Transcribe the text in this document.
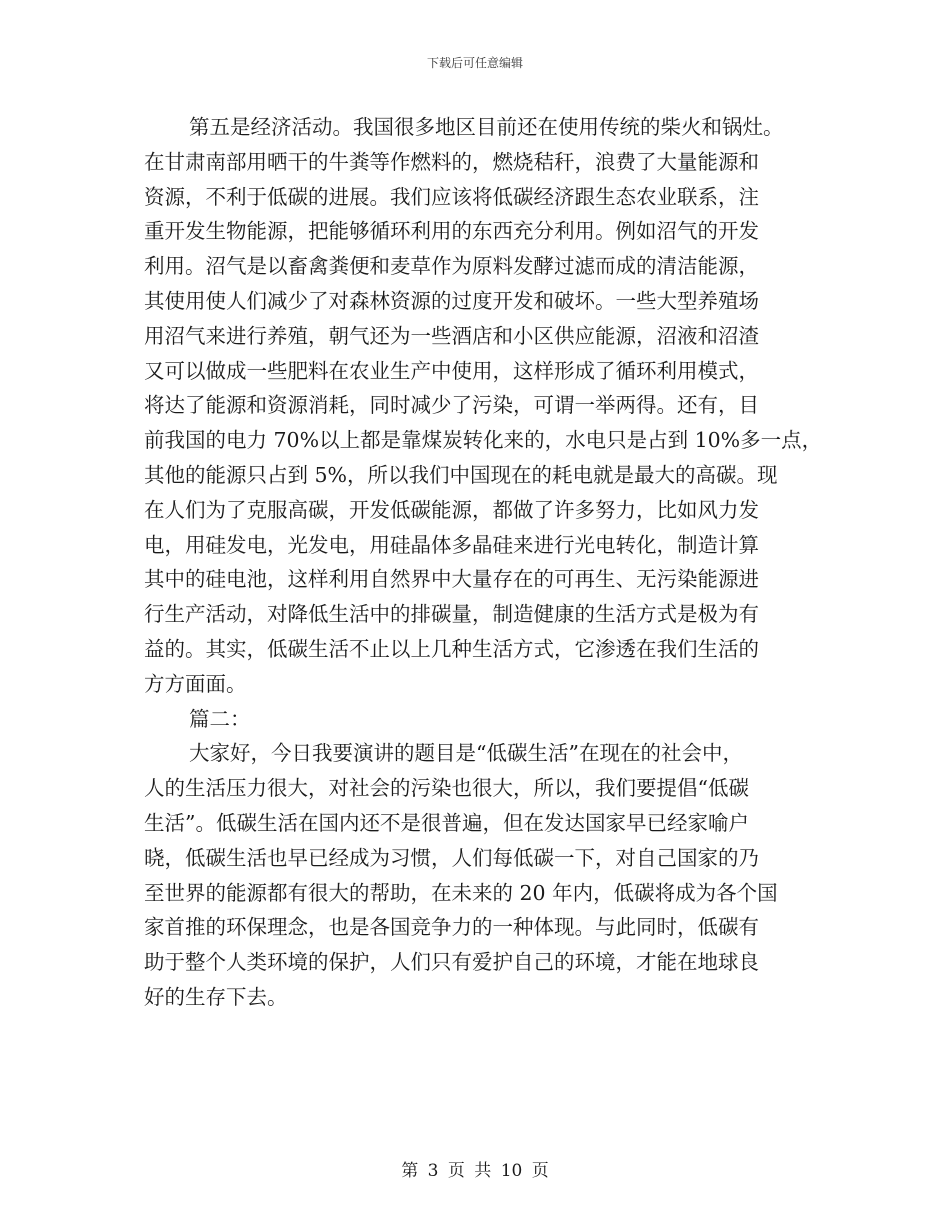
下载后可任意编辑
第五是经济活动。我国很多地区目前还在使用传统的柴火和锅灶。
在甘肃南部用晒干的牛粪等作燃料的，燃烧秸秆，浪费了大量能源和
资源，不利于低碳的进展。我们应该将低碳经济跟生态农业联系，注
重开发生物能源，把能够循环利用的东西充分利用。例如沼气的开发
利用。沼气是以畜禽粪便和麦草作为原料发酵过滤而成的清洁能源，
其使用使人们减少了对森林资源的过度开发和破坏。一些大型养殖场
用沼气来进行养殖，朝气还为一些酒店和小区供应能源，沼液和沼渣
又可以做成一些肥料在农业生产中使用，这样形成了循环利用模式，
将达了能源和资源消耗，同时减少了污染，可谓一举两得。还有，目
前我国的电力 70%以上都是靠煤炭转化来的，水电只是占到 10%多一点，
其他的能源只占到 5%，所以我们中国现在的耗电就是最大的高碳。现
在人们为了克服高碳，开发低碳能源，都做了许多努力，比如风力发
电，用硅发电，光发电，用硅晶体多晶硅来进行光电转化，制造计算
其中的硅电池，这样利用自然界中大量存在的可再生、无污染能源进
行生产活动，对降低生活中的排碳量，制造健康的生活方式是极为有
益的。其实，低碳生活不止以上几种生活方式，它渗透在我们生活的
方方面面。
篇二：
大家好，今日我要演讲的题目是“低碳生活”在现在的社会中，
人的生活压力很大，对社会的污染也很大，所以，我们要提倡“低碳
生活”。低碳生活在国内还不是很普遍，但在发达国家早已经家喻户
晓，低碳生活也早已经成为习惯，人们每低碳一下，对自己国家的乃
至世界的能源都有很大的帮助，在未来的 20 年内，低碳将成为各个国
家首推的环保理念，也是各国竞争力的一种体现。与此同时，低碳有
助于整个人类环境的保护，人们只有爱护自己的环境，才能在地球良
好的生存下去。
第 3 页 共 10 页
